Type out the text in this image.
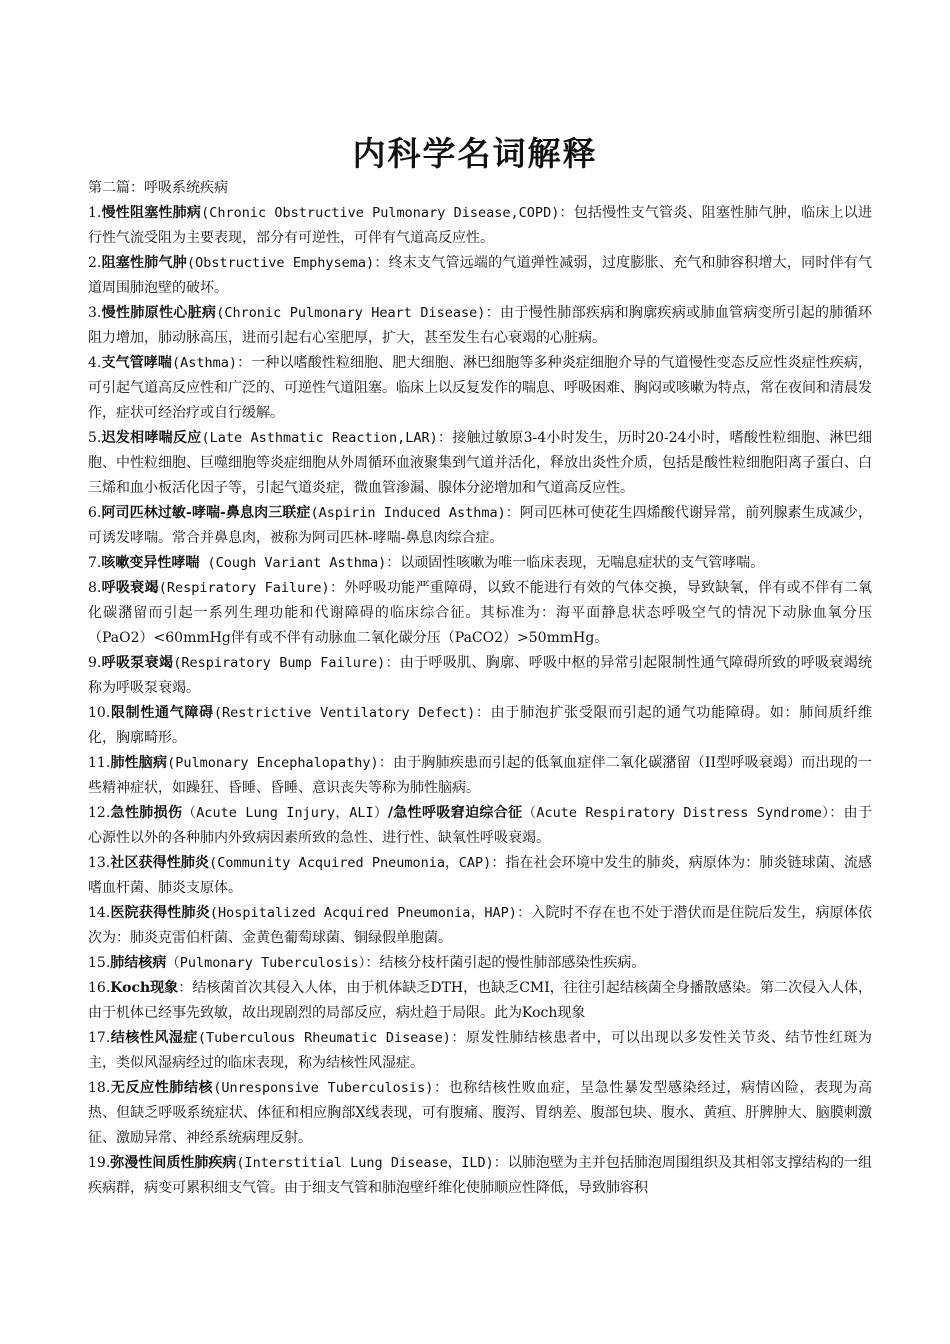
内科学名词解释

第二篇：呼吸系统疾病

1.慢性阻塞性肺病(Chronic Obstructive Pulmonary Disease,COPD)：包括慢性支气管炎、阻塞性肺气肿，临床上以进行性气流受阻为主要表现，部分有可逆性，可伴有气道高反应性。

2.阻塞性肺气肿(Obstructive Emphysema)：终末支气管远端的气道弹性减弱，过度膨胀、充气和肺容积增大，同时伴有气道周围肺泡壁的破坏。

3.慢性肺原性心脏病(Chronic Pulmonary Heart Disease)：由于慢性肺部疾病和胸廓疾病或肺血管病变所引起的肺循环阻力增加，肺动脉高压，进而引起右心室肥厚，扩大，甚至发生右心衰竭的心脏病。

4.支气管哮喘(Asthma)：一种以嗜酸性粒细胞、肥大细胞、淋巴细胞等多种炎症细胞介导的气道慢性变态反应性炎症性疾病，可引起气道高反应性和广泛的、可逆性气道阻塞。临床上以反复发作的喘息、呼吸困难、胸闷或咳嗽为特点，常在夜间和清晨发作，症状可经治疗或自行缓解。

5.迟发相哮喘反应(Late Asthmatic Reaction,LAR)：接触过敏原3-4小时发生，历时20-24小时，嗜酸性粒细胞、淋巴细胞、中性粒细胞、巨噬细胞等炎症细胞从外周循环血液聚集到气道并活化，释放出炎性介质，包括是酸性粒细胞阳离子蛋白、白三烯和血小板活化因子等，引起气道炎症，微血管渗漏、腺体分泌增加和气道高反应性。

6.阿司匹林过敏-哮喘-鼻息肉三联症(Aspirin Induced Asthma)：阿司匹林可使花生四烯酸代谢异常，前列腺素生成减少，可诱发哮喘。常合并鼻息肉，被称为阿司匹林-哮喘-鼻息肉综合症。

7.咳嗽变异性哮喘 (Cough Variant Asthma)：以顽固性咳嗽为唯一临床表现，无喘息症状的支气管哮喘。

8.呼吸衰竭(Respiratory Failure)：外呼吸功能严重障碍，以致不能进行有效的气体交换，导致缺氧，伴有或不伴有二氧化碳潴留而引起一系列生理功能和代谢障碍的临床综合征。其标准为：海平面静息状态呼吸空气的情况下动脉血氧分压（PaO2）<60mmHg伴有或不伴有动脉血二氧化碳分压（PaCO2）>50mmHg。

9.呼吸泵衰竭(Respiratory Bump Failure)：由于呼吸肌、胸廓、呼吸中枢的异常引起限制性通气障碍所致的呼吸衰竭统称为呼吸泵衰竭。

10.限制性通气障碍(Restrictive Ventilatory Defect)：由于肺泡扩张受限而引起的通气功能障碍。如：肺间质纤维化，胸廓畸形。

11.肺性脑病(Pulmonary Encephalopathy)：由于胸肺疾患而引起的低氧血症伴二氧化碳潴留（II型呼吸衰竭）而出现的一些精神症状，如躁狂、昏睡、昏睡、意识丧失等称为肺性脑病。

12.急性肺损伤（Acute Lung Injury，ALI）/急性呼吸窘迫综合征（Acute Respiratory Distress Syndrome）：由于心源性以外的各种肺内外致病因素所致的急性、进行性、缺氧性呼吸衰竭。

13.社区获得性肺炎(Community Acquired Pneumonia，CAP)：指在社会环境中发生的肺炎，病原体为：肺炎链球菌、流感嗜血杆菌、肺炎支原体。

14.医院获得性肺炎(Hospitalized Acquired Pneumonia，HAP)：入院时不存在也不处于潜伏而是住院后发生，病原体依次为：肺炎克雷伯杆菌、金黄色葡萄球菌、铜绿假单胞菌。

15.肺结核病（Pulmonary Tuberculosis）：结核分枝杆菌引起的慢性肺部感染性疾病。

16.Koch现象：结核菌首次其侵入人体，由于机体缺乏DTH，也缺乏CMI，往往引起结核菌全身播散感染。第二次侵入人体，由于机体已经事先致敏，故出现剧烈的局部反应，病灶趋于局限。此为Koch现象

17.结核性风湿症(Tuberculous Rheumatic Disease)：原发性肺结核患者中，可以出现以多发性关节炎、结节性红斑为主，类似风湿病经过的临床表现，称为结核性风湿症。

18.无反应性肺结核(Unresponsive Tuberculosis)：也称结核性败血症，呈急性暴发型感染经过，病情凶险，表现为高热、但缺乏呼吸系统症状、体征和相应胸部X线表现，可有腹痛、腹泻、胃纳差、腹部包块、腹水、黄疸、肝脾肿大、脑膜刺激征、激励异常、神经系统病理反射。

19.弥漫性间质性肺疾病(Interstitial Lung Disease，ILD)：以肺泡壁为主并包括肺泡周围组织及其相邻支撑结构的一组疾病群，病变可累积细支气管。由于细支气管和肺泡壁纤维化使肺顺应性降低，导致肺容积
